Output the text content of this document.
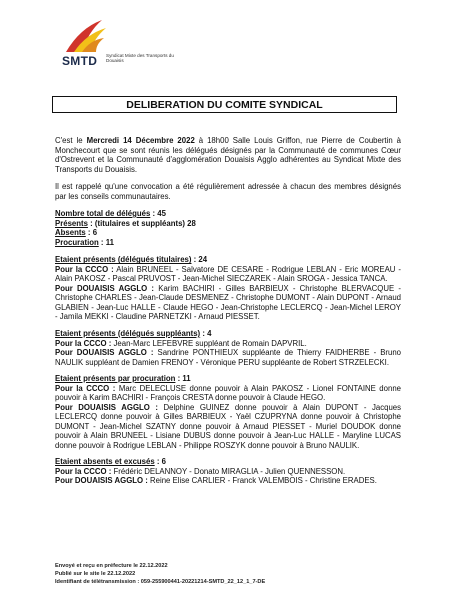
SMTD Syndicat Mixte des Transports du Douaisis
DELIBERATION DU COMITE SYNDICAL

C'est le Mercredi 14 Décembre 2022 à 18h00 Salle Louis Griffon, rue Pierre de Coubertin à Monchecourt que se sont réunis les délégués désignés par la Communauté de communes Cœur d'Ostrevent et la Communauté d'agglomération Douaisis Agglo adhérentes au Syndicat Mixte des Transports du Douaisis.

Il est rappelé qu'une convocation a été régulièrement adressée à chacun des membres désignés par les conseils communautaires.

Nombre total de délégués : 45
Présents : (titulaires et suppléants) 28
Absents : 6
Procuration : 11
Etaient présents (délégués titulaires) : 24

Pour la CCCO : Alain BRUNEEL - Salvatore DE CESARE - Rodrigue LEBLAN - Eric MOREAU - Alain PAKOSZ - Pascal PRUVOST - Jean-Michel SIECZAREK - Alain SROGA - Jessica TANCA.

Pour DOUAISIS AGGLO : Karim BACHIRI - Gilles BARBIEUX - Christophe BLERVACQUE - Christophe CHARLES - Jean-Claude DESMENEZ - Christophe DUMONT - Alain DUPONT - Arnaud GLABIEN - Jean-Luc HALLE - Claude HEGO - Jean-Christophe LECLERCQ - Jean-Michel LEROY - Jamila MEKKI - Claudine PARNETZKI - Arnaud PIESSET.

Etaient présents (délégués suppléants) : 4

Pour la CCCO : Jean-Marc LEFEBVRE suppléant de Romain DAPVRIL.

Pour DOUAISIS AGGLO : Sandrine PONTHIEUX suppléante de Thierry FAIDHERBE - Bruno NAULIK suppléant de Damien FRENOY - Véronique PERU suppléante de Robert STRZELECKI.

Etaient présents par procuration : 11

Pour la CCCO : Marc DELECLUSE donne pouvoir à Alain PAKOSZ - Lionel FONTAINE donne pouvoir à Karim BACHIRI - François CRESTA donne pouvoir à Claude HEGO.

Pour DOUAISIS AGGLO : Delphine GUINEZ donne pouvoir à Alain DUPONT - Jacques LECLERCQ donne pouvoir à Gilles BARBIEUX - Yaël CZUPRYNA donne pouvoir à Christophe DUMONT - Jean-Michel SZATNY donne pouvoir à Arnaud PIESSET - Muriel DOUDOK donne pouvoir à Alain BRUNEEL - Lisiane DUBUS donne pouvoir à Jean-Luc HALLE - Maryline LUCAS donne pouvoir à Rodrigue LEBLAN - Philippe ROSZYK donne pouvoir à Bruno NAULIK.

Etaient absents et excusés : 6

Pour la CCCO : Frédéric DELANNOY - Donato MIRAGLIA - Julien QUENNESSON.

Pour DOUAISIS AGGLO : Reine Elise CARLIER - Franck VALEMBOIS - Christine ERADES.

Envoyé et reçu en préfecture le 22.12.2022
Publié sur le site le 22.12.2022
Identifiant de télétransmission : 059-255900441-20221214-SMTD_22_12_1_7-DE
